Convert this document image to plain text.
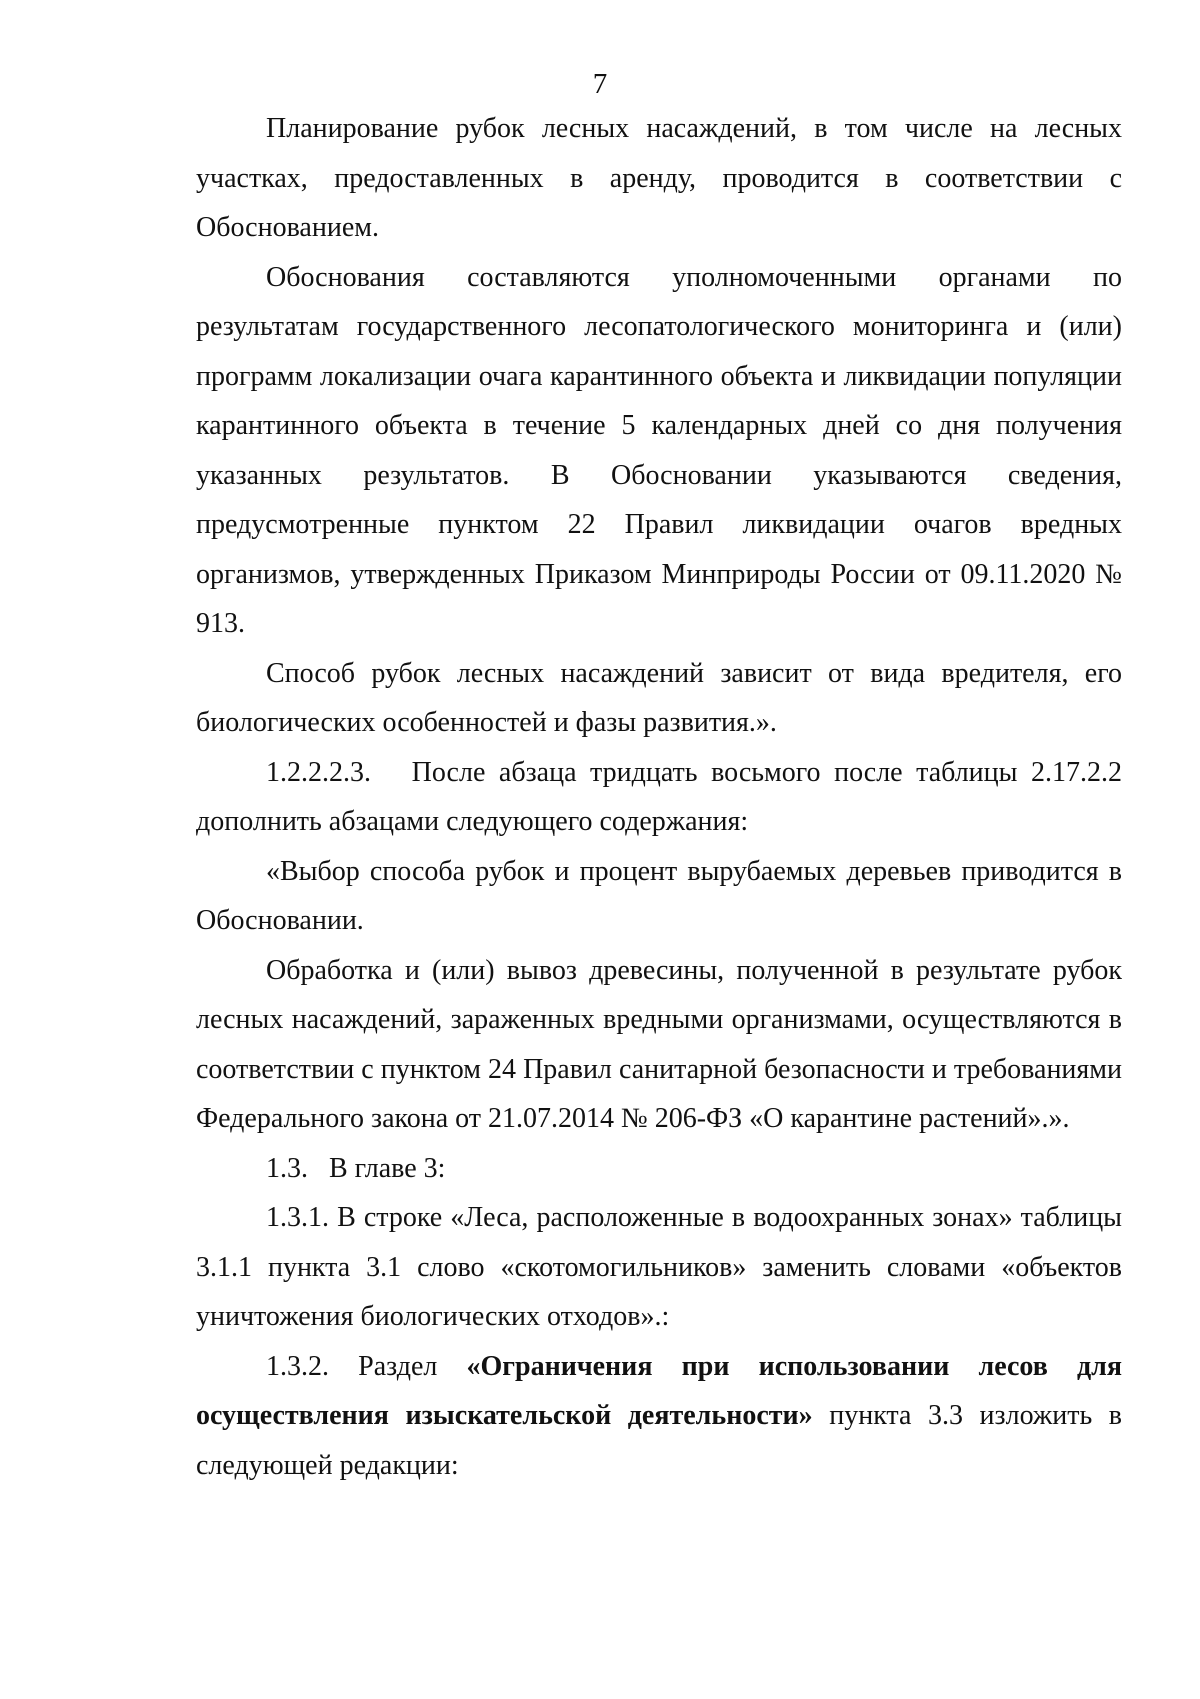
7

Планирование рубок лесных насаждений, в том числе на лесных участках, предоставленных в аренду, проводится в соответствии с Обоснованием.

Обоснования составляются уполномоченными органами по результатам государственного лесопатологического мониторинга и (или) программ локализации очага карантинного объекта и ликвидации популяции карантинного объекта в течение 5 календарных дней со дня получения указанных результатов. В Обосновании указываются сведения, предусмотренные пунктом 22 Правил ликвидации очагов вредных организмов, утвержденных Приказом Минприроды России от 09.11.2020 № 913.

Способ рубок лесных насаждений зависит от вида вредителя, его биологических особенностей и фазы развития.».

1.2.2.2.3.   После абзаца тридцать восьмого после таблицы 2.17.2.2 дополнить абзацами следующего содержания:

«Выбор способа рубок и процент вырубаемых деревьев приводится в Обосновании.

Обработка и (или) вывоз древесины, полученной в результате рубок лесных насаждений, зараженных вредными организмами, осуществляются в соответствии с пунктом 24 Правил санитарной безопасности и требованиями Федерального закона от 21.07.2014 № 206-ФЗ «О карантине растений».».

1.3.   В главе 3:

1.3.1. В строке «Леса, расположенные в водоохранных зонах» таблицы 3.1.1 пункта 3.1 слово «скотомогильников» заменить словами «объектов уничтожения биологических отходов».:

1.3.2. Раздел «Ограничения при использовании лесов для осуществления изыскательской деятельности» пункта 3.3 изложить в следующей редакции:
